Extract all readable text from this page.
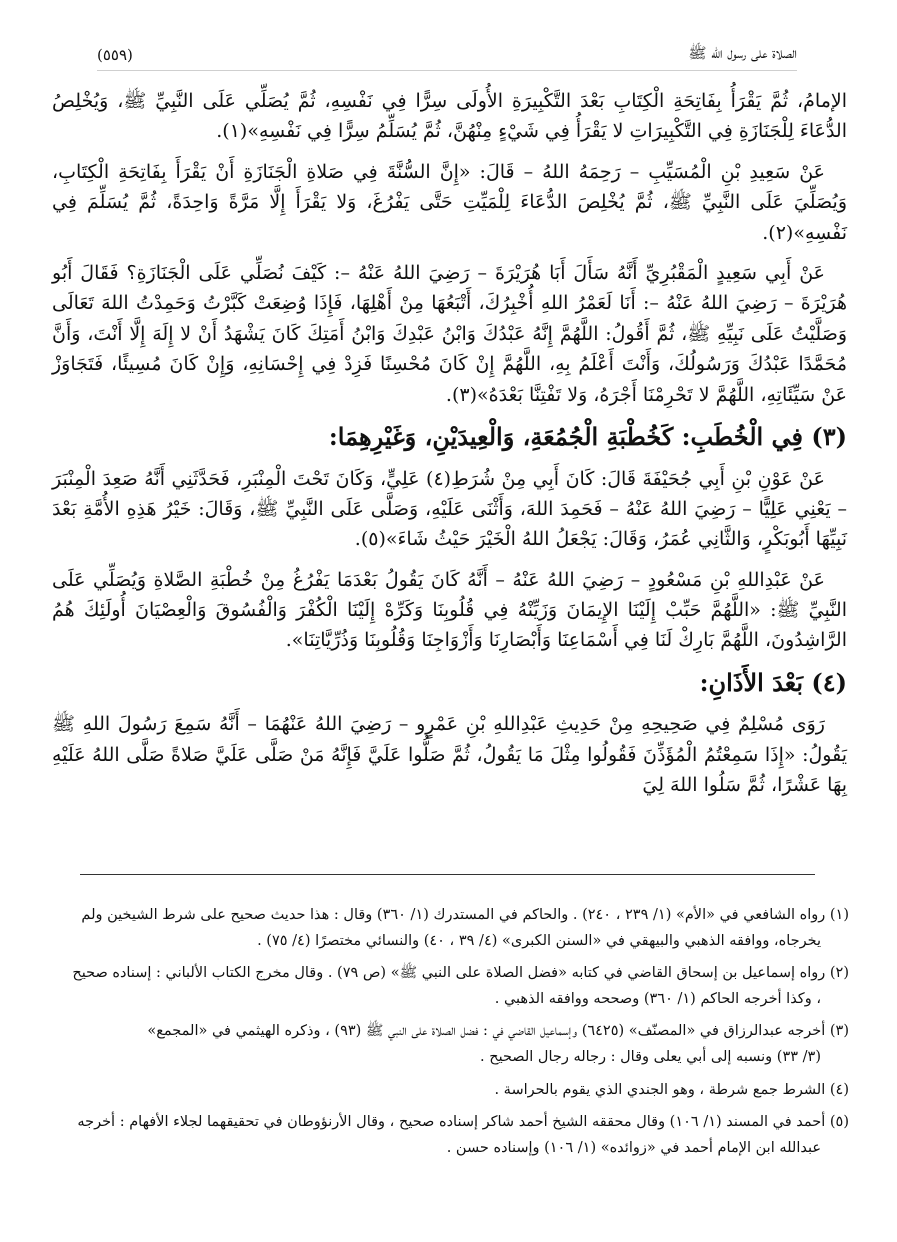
الصلاة على رسول الله ﷺ
(٥٥٩)

الإمامُ، ثُمَّ يَقْرَأُ بِفَاتِحَةِ الْكِتَابِ بَعْدَ التَّكْبِيرَةِ الأُولَى سِرًّا فِي نَفْسِهِ، ثُمَّ يُصَلِّي عَلَى النَّبِيِّ ﷺ، وَيُخْلِصُ الدُّعَاءَ لِلْجَنَازَةِ فِي التَّكْبِيرَاتِ لا يَقْرَأُ فِي شَيْءٍ مِنْهُنَّ، ثُمَّ يُسَلِّمُ سِرًّا فِي نَفْسِهِ»(١).

عَنْ سَعِيدِ بْنِ الْمُسَيِّبِ – رَحِمَهُ اللهُ – قَالَ: «إِنَّ السُّنَّةَ فِي صَلاةِ الْجَنَازَةِ أَنْ يَقْرَأَ بِفَاتِحَةِ الْكِتَابِ، وَيُصَلِّيَ عَلَى النَّبِيِّ ﷺ، ثُمَّ يُخْلِصَ الدُّعَاءَ لِلْمَيِّتِ حَتَّى يَفْرُغَ، وَلا يَقْرَأَ إِلَّا مَرَّةً وَاحِدَةً، ثُمَّ يُسَلِّمَ فِي نَفْسِهِ»(٢).

عَنْ أَبِي سَعِيدٍ الْمَقْبُرِيِّ أَنَّهُ سَأَلَ أَبَا هُرَيْرَةَ – رَضِيَ اللهُ عَنْهُ –: كَيْفَ نُصَلِّي عَلَى الْجَنَازَةِ؟ فَقَالَ أَبُو هُرَيْرَةَ – رَضِيَ اللهُ عَنْهُ –: أَنَا لَعَمْرُ اللهِ أُخْبِرُكَ، أَتْبَعُهَا مِنْ أَهْلِهَا، فَإِذَا وُضِعَتْ كَبَّرْتُ وَحَمِدْتُ اللهَ تَعَالَى وَصَلَّيْتُ عَلَى نَبِيِّهِ ﷺ، ثُمَّ أَقُولُ: اللَّهُمَّ إِنَّهُ عَبْدُكَ وَابْنُ عَبْدِكَ وَابْنُ أَمَتِكَ كَانَ يَشْهَدُ أَنْ لا إِلَهَ إِلَّا أَنْتَ، وَأَنَّ مُحَمَّدًا عَبْدُكَ وَرَسُولُكَ، وَأَنْتَ أَعْلَمُ بِهِ، اللَّهُمَّ إِنْ كَانَ مُحْسِنًا فَزِدْ فِي إِحْسَانِهِ، وَإِنْ كَانَ مُسِيئًا، فَتَجَاوَزْ عَنْ سَيِّئَاتِهِ، اللَّهُمَّ لا تَحْرِمْنَا أَجْرَهُ، وَلا تَفْتِنَّا بَعْدَهُ»(٣).

(٣) فِي الْخُطَبِ: كَخُطْبَةِ الْجُمُعَةِ، وَالْعِيدَيْنِ، وَغَيْرِهِمَا:

عَنْ عَوْنِ بْنِ أَبِي جُحَيْفَةَ قَالَ: كَانَ أَبِي مِنْ شُرَطِ(٤) عَلِيٍّ، وَكَانَ تَحْتَ الْمِنْبَرِ، فَحَدَّثَنِي أَنَّهُ صَعِدَ الْمِنْبَرَ – يَعْنِي عَلِيًّا – رَضِيَ اللهُ عَنْهُ – فَحَمِدَ اللهَ، وَأَثْنَى عَلَيْهِ، وَصَلَّى عَلَى النَّبِيِّ ﷺ، وَقَالَ: خَيْرُ هَذِهِ الأُمَّةِ بَعْدَ نَبِيِّهَا أَبُوبَكْرٍ، وَالثَّانِي عُمَرُ، وَقَالَ: يَجْعَلُ اللهُ الْخَيْرَ حَيْثُ شَاءَ»(٥).

عَنْ عَبْدِاللهِ بْنِ مَسْعُودٍ – رَضِيَ اللهُ عَنْهُ – أَنَّهُ كَانَ يَقُولُ بَعْدَمَا يَفْرُغُ مِنْ خُطْبَةِ الصَّلاةِ وَيُصَلِّي عَلَى النَّبِيِّ ﷺ: «اللَّهُمَّ حَبِّبْ إِلَيْنَا الإِيمَانَ وَزَيِّنْهُ فِي قُلُوبِنَا وَكَرِّهْ إِلَيْنَا الْكُفْرَ وَالْفُسُوقَ وَالْعِصْيَانَ أُولَئِكَ هُمُ الرَّاشِدُونَ، اللَّهُمَّ بَارِكْ لَنَا فِي أَسْمَاعِنَا وَأَبْصَارِنَا وَأَزْوَاجِنَا وَقُلُوبِنَا وَذُرِّيَّاتِنَا».

(٤) بَعْدَ الأَذَانِ:

رَوَى مُسْلِمٌ فِي صَحِيحِهِ مِنْ حَدِيثِ عَبْدِاللهِ بْنِ عَمْرٍو – رَضِيَ اللهُ عَنْهُمَا – أَنَّهُ سَمِعَ رَسُولَ اللهِ ﷺ يَقُولُ: «إِذَا سَمِعْتُمُ الْمُؤَذِّنَ فَقُولُوا مِثْلَ مَا يَقُولُ، ثُمَّ صَلُّوا عَلَيَّ فَإِنَّهُ مَنْ صَلَّى عَلَيَّ صَلاةً صَلَّى اللهُ عَلَيْهِ بِهَا عَشْرًا، ثُمَّ سَلُوا اللهَ لِيَ

(١) رواه الشافعي في «الأم» (١/ ٢٣٩ ، ٢٤٠) . والحاكم في المستدرك (١/ ٣٦٠) وقال : هذا حديث صحيح على شرط الشيخين ولم
يخرجاه، ووافقه الذهبي والبيهقي في «السنن الكبرى» (٤/ ٣٩ ، ٤٠) والنسائي مختصرًا (٤/ ٧٥) .
(٢) رواه إسماعيل بن إسحاق القاضي في كتابه «فضل الصلاة على النبي ﷺ» (ص ٧٩) . وقال مخرج الكتاب الألباني : إسناده صحيح
، وكذا أخرجه الحاكم (١/ ٣٦٠) وصححه ووافقه الذهبي .
(٣) أخرجه عبدالرزاق في «المصنّف» (٦٤٢٥) وإسماعيل القاضي في : فضل الصلاة على النبي ﷺ (٩٣) ، وذكره الهيثمي في «المجمع»
(٣/ ٣٣) ونسبه إلى أبي يعلى وقال : رجاله رجال الصحيح .
(٤) الشرط جمع شرطة ، وهو الجندي الذي يقوم بالحراسة .
(٥) أحمد في المسند (١/ ١٠٦) وقال محققه الشيخ أحمد شاكر إسناده صحيح ، وقال الأرنؤوطان في تحقيقهما لجلاء الأفهام : أخرجه
عبدالله ابن الإمام أحمد في «زوائده» (١/ ١٠٦) وإسناده حسن .
